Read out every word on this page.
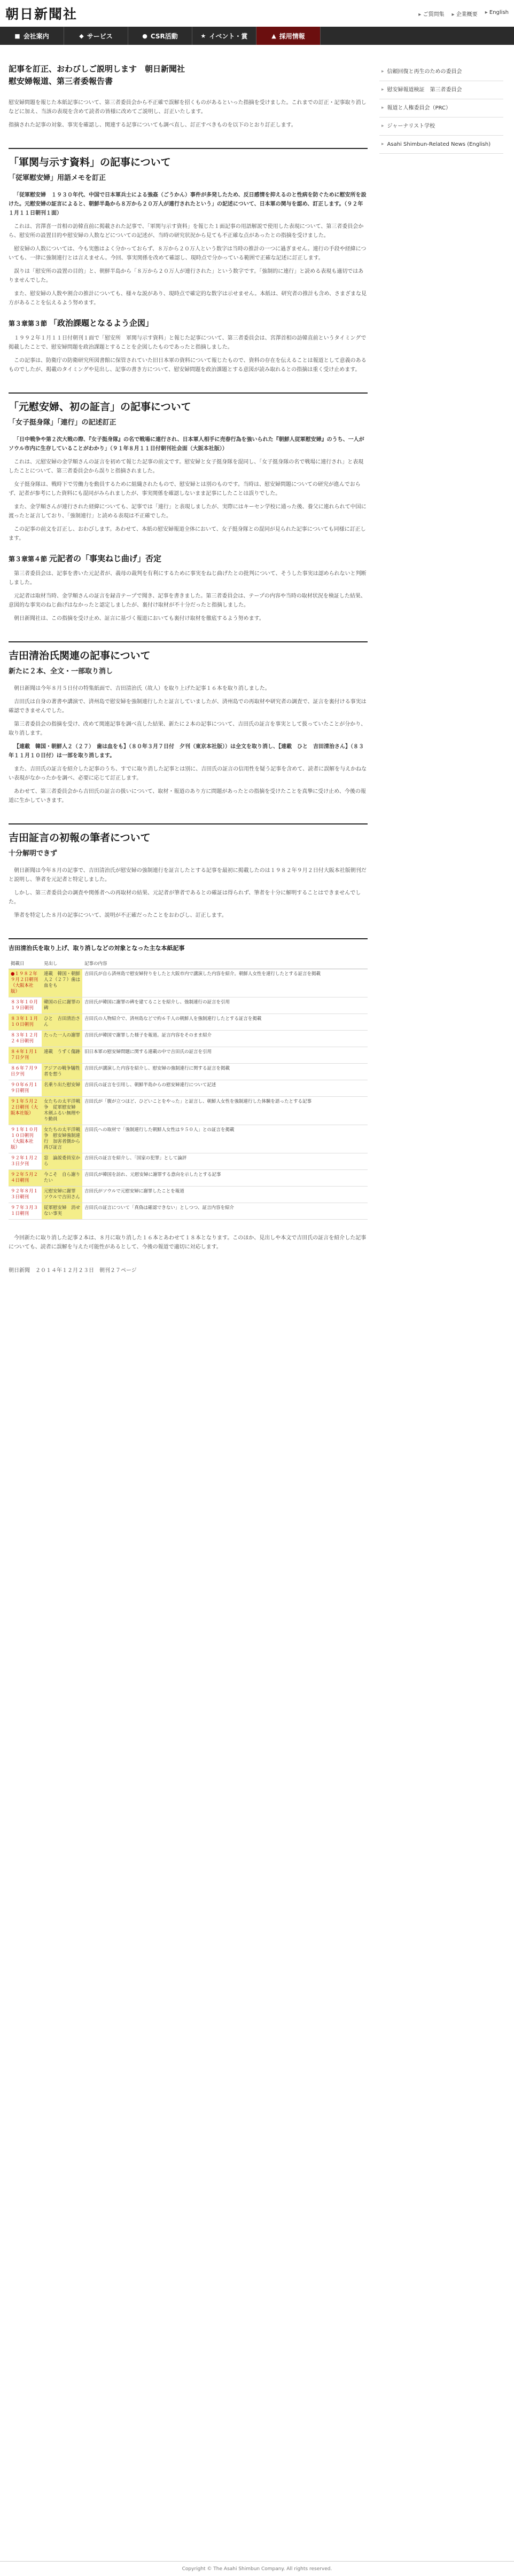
朝日新聞社	▸ ご質問集	▸ 企業概要	▸ English
■ 会社案内	◆ サービス	● CSR活動	★ イベント・賞	▲ 採用情報
記事を訂正、おわびしご説明します　朝日新聞社
慰安婦報道、第三者委報告書

慰安婦問題を報じた本紙記事について、第三者委員会から不正確で誤解を招くものがあるといった指摘を受けました。これまでの訂正・記事取り消しなどに加え、当該の表現を含めて読者の皆様に改めてご説明し、訂正いたします。

指摘された記事の対象、事実を確認し、関連する記事についても調べ直し、訂正すべきものを以下のとおり訂正します。

「軍関与示す資料」の記事について
「従軍慰安婦」用語メモを訂正

「従軍慰安婦　１９３０年代、中国で日本軍兵士による強姦（ごうかん）事件が多発したため、反日感情を抑えるのと性病を防ぐために慰安所を設けた。元慰安婦の証言によると、朝鮮半島から８万から２０万人が連行されたという」の記述について、日本軍の関与を認め、訂正します。（９２年１月１１日朝刊１面）

これは、宮澤喜一首相の訪韓直前に掲載された記事で、「軍関与示す資料」を報じた１面記事の用語解説で使用した表現について、第三者委員会から、慰安所の設置目的や慰安婦の人数などについての記述が、当時の研究状況から見ても不正確な点があったとの指摘を受けました。

慰安婦の人数については、今も実態はよく分かっておらず、８万から２０万人という数字は当時の推計の一つに過ぎません。連行の手段や経緯についても、一律に強制連行とは言えません。今回、事実関係を改めて確認し、現時点で分かっている範囲で正確な記述に訂正します。

誤りは「慰安所の設置の目的」と、朝鮮半島から「８万から２０万人が連行された」という数字です。「強制的に連行」と読める表現も適切ではありませんでした。

また、慰安婦の人数や割合の推計についても、様々な説があり、現時点で確定的な数字は示せません。本紙は、研究者の推計も含め、さまざまな見方があることを伝えるよう努めます。

第３章第３節 「政治課題となるよう企図」

１９９２年１月１１日付朝刊１面で「慰安所　軍関与示す資料」と報じた記事について、第三者委員会は、宮澤首相の訪韓直前というタイミングで掲載したことで、慰安婦問題を政治課題とすることを企図したものであったと指摘しました。

この記事は、防衛庁の防衛研究所図書館に保管されていた旧日本軍の資料について報じたもので、資料の存在を伝えることは報道として意義のあるものでしたが、掲載のタイミングや見出し、記事の書き方について、慰安婦問題を政治課題とする意図が読み取れるとの指摘は重く受け止めます。

「元慰安婦、初の証言」の記事について
「女子挺身隊」「連行」の記述訂正

「日中戦争や第２次大戦の際、『女子挺身隊』の名で戦場に連行され、日本軍人相手に売春行為を強いられた『朝鮮人従軍慰安婦』のうち、一人がソウル市内に生存していることがわかり」（９１年８月１１日付朝刊社会面（大阪本社版））

これは、元慰安婦の金学順さんの証言を初めて報じた記事の前文です。慰安婦と女子挺身隊を混同し、「女子挺身隊の名で戦場に連行され」と表現したことについて、第三者委員会から誤りと指摘されました。

女子挺身隊は、戦時下で労働力を動員するために組織されたもので、慰安婦とは別のものです。当時は、慰安婦問題についての研究が進んでおらず、記者が参考にした資料にも混同がみられましたが、事実関係を確認しないまま記事にしたことは誤りでした。

また、金学順さんが連行された経緯についても、記事では「連行」と表現しましたが、実際にはキーセン学校に通った後、養父に連れられて中国に渡ったと証言しており、「強制連行」と読める表現は不正確でした。

この記事の前文を訂正し、おわびします。あわせて、本紙の慰安婦報道全体において、女子挺身隊との混同が見られた記事についても同様に訂正します。

第３章第４節 元記者の「事実ねじ曲げ」否定

第三者委員会は、記事を書いた元記者が、義母の裁判を有利にするために事実をねじ曲げたとの批判について、そうした事実は認められないと判断しました。

元記者は取材当時、金学順さんの証言を録音テープで聞き、記事を書きました。第三者委員会は、テープの内容や当時の取材状況を検証した結果、意図的な事実のねじ曲げはなかったと認定しましたが、裏付け取材が不十分だったと指摘しました。

朝日新聞社は、この指摘を受け止め、証言に基づく報道においても裏付け取材を徹底するよう努めます。

吉田清治氏関連の記事について
新たに２本、全文・一部取り消し

朝日新聞は今年８月５日付の特集紙面で、吉田清治氏（故人）を取り上げた記事１６本を取り消しました。

吉田氏は自身の著書や講演で、済州島で慰安婦を強制連行したと証言していましたが、済州島での再取材や研究者の調査で、証言を裏付ける事実は確認できませんでした。

第三者委員会の指摘を受け、改めて関連記事を調べ直した結果、新たに２本の記事について、吉田氏の証言を事実として扱っていたことが分かり、取り消します。

【連載　韓国・朝鮮人２（２７）　歯は血をも】（８０年３月７日付　夕刊（東京本社版））は全文を取り消し、【連載　ひと　吉田清治さん】（８３年１１月１０日付）は一部を取り消します。

また、吉田氏の証言を紹介した記事のうち、すでに取り消した記事とは別に、吉田氏の証言の信用性を疑う記事を含めて、読者に誤解を与えかねない表現がなかったかを調べ、必要に応じて訂正します。

あわせて、第三者委員会から吉田氏の証言の扱いについて、取材・報道のあり方に問題があったとの指摘を受けたことを真摯に受け止め、今後の報道に生かしていきます。

吉田証言の初報の筆者について
十分解明できず

朝日新聞は今年８月の記事で、吉田清治氏が慰安婦の強制連行を証言したとする記事を最初に掲載したのは１９８２年９月２日付大阪本社版朝刊だと説明し、筆者を元記者と特定しました。

しかし、第三者委員会の調査や関係者への再取材の結果、元記者が筆者であるとの確証は得られず、筆者を十分に解明することはできませんでした。

筆者を特定した８月の記事について、説明が不正確だったことをおわびし、訂正します。

吉田清治氏を取り上げ、取り消しなどの対象となった主な本紙記事
掲載日	見出し	記事の内容
●１９８２年９月２日朝刊（大阪本社版）	連載　韓国・朝鮮人２（２７）歯は血をも	吉田氏が自ら済州島で慰安婦狩りをしたと大阪市内で講演した内容を紹介。朝鮮人女性を連行したとする証言を掲載
８３年１０月１９日朝刊	韓国の丘に謝罪の碑	吉田氏が韓国に謝罪の碑を建てることを紹介し、強制連行の証言を引用
８３年１１月１０日朝刊	ひと　吉田清治さん	吉田氏の人物紹介で、済州島などで約６千人の朝鮮人を強制連行したとする証言を掲載
８３年１２月２４日朝刊	たった一人の謝罪	吉田氏が韓国で謝罪した様子を報道。証言内容をそのまま紹介
８４年１月１７日夕刊	連載　うずく傷跡	旧日本軍の慰安婦問題に関する連載の中で吉田氏の証言を引用
８６年７月９日夕刊	アジアの戦争犠牲者を想う	吉田氏が講演した内容を紹介し、慰安婦の強制連行に関する証言を掲載
９０年６月１９日朝刊	名乗り出た慰安婦	吉田氏の証言を引用し、朝鮮半島からの慰安婦連行について記述
９１年５月２２日朝刊（大阪本社版）	女たちの太平洋戦争　従軍慰安婦　木剣ふるい無理やり動員	吉田氏が「腹が立つほど、ひどいことをやった」と証言し、朝鮮人女性を強制連行した体験を語ったとする記事
９１年１０月１０日朝刊（大阪本社版）	女たちの太平洋戦争　慰安婦強制連行　加害者側から再び証言	吉田氏への取材で「強制連行した朝鮮人女性は９５０人」との証言を掲載
９２年１月２３日夕刊	窓　論説委員室から	吉田氏の証言を紹介し、「国家の犯罪」として論評
９２年５月２４日朝刊	今こそ　自ら謝りたい	吉田氏が韓国を訪れ、元慰安婦に謝罪する意向を示したとする記事
９２年８月１３日朝刊	元慰安婦に謝罪　ソウルで吉田さん	吉田氏がソウルで元慰安婦に謝罪したことを報道
９７年３月３１日朝刊	従軍慰安婦　消せない事実	吉田氏の証言について「真偽は確認できない」としつつ、証言内容を紹介

今回新たに取り消した記事２本は、８月に取り消した１６本とあわせて１８本となります。このほか、見出しや本文で吉田氏の証言を紹介した記事についても、読者に誤解を与えた可能性があるとして、今後の報道で適切に対応します。

朝日新聞　２０１４年１２月２３日　朝刊２７ページ

▸ 信頼回復と再生のための委員会
▸ 慰安婦報道検証　第三者委員会
▸ 報道と人権委員会（PRC）
▸ ジャーナリスト学校
▸ Asahi Shimbun-Related News (English)
Copyright © The Asahi Shimbun Company. All rights reserved.
